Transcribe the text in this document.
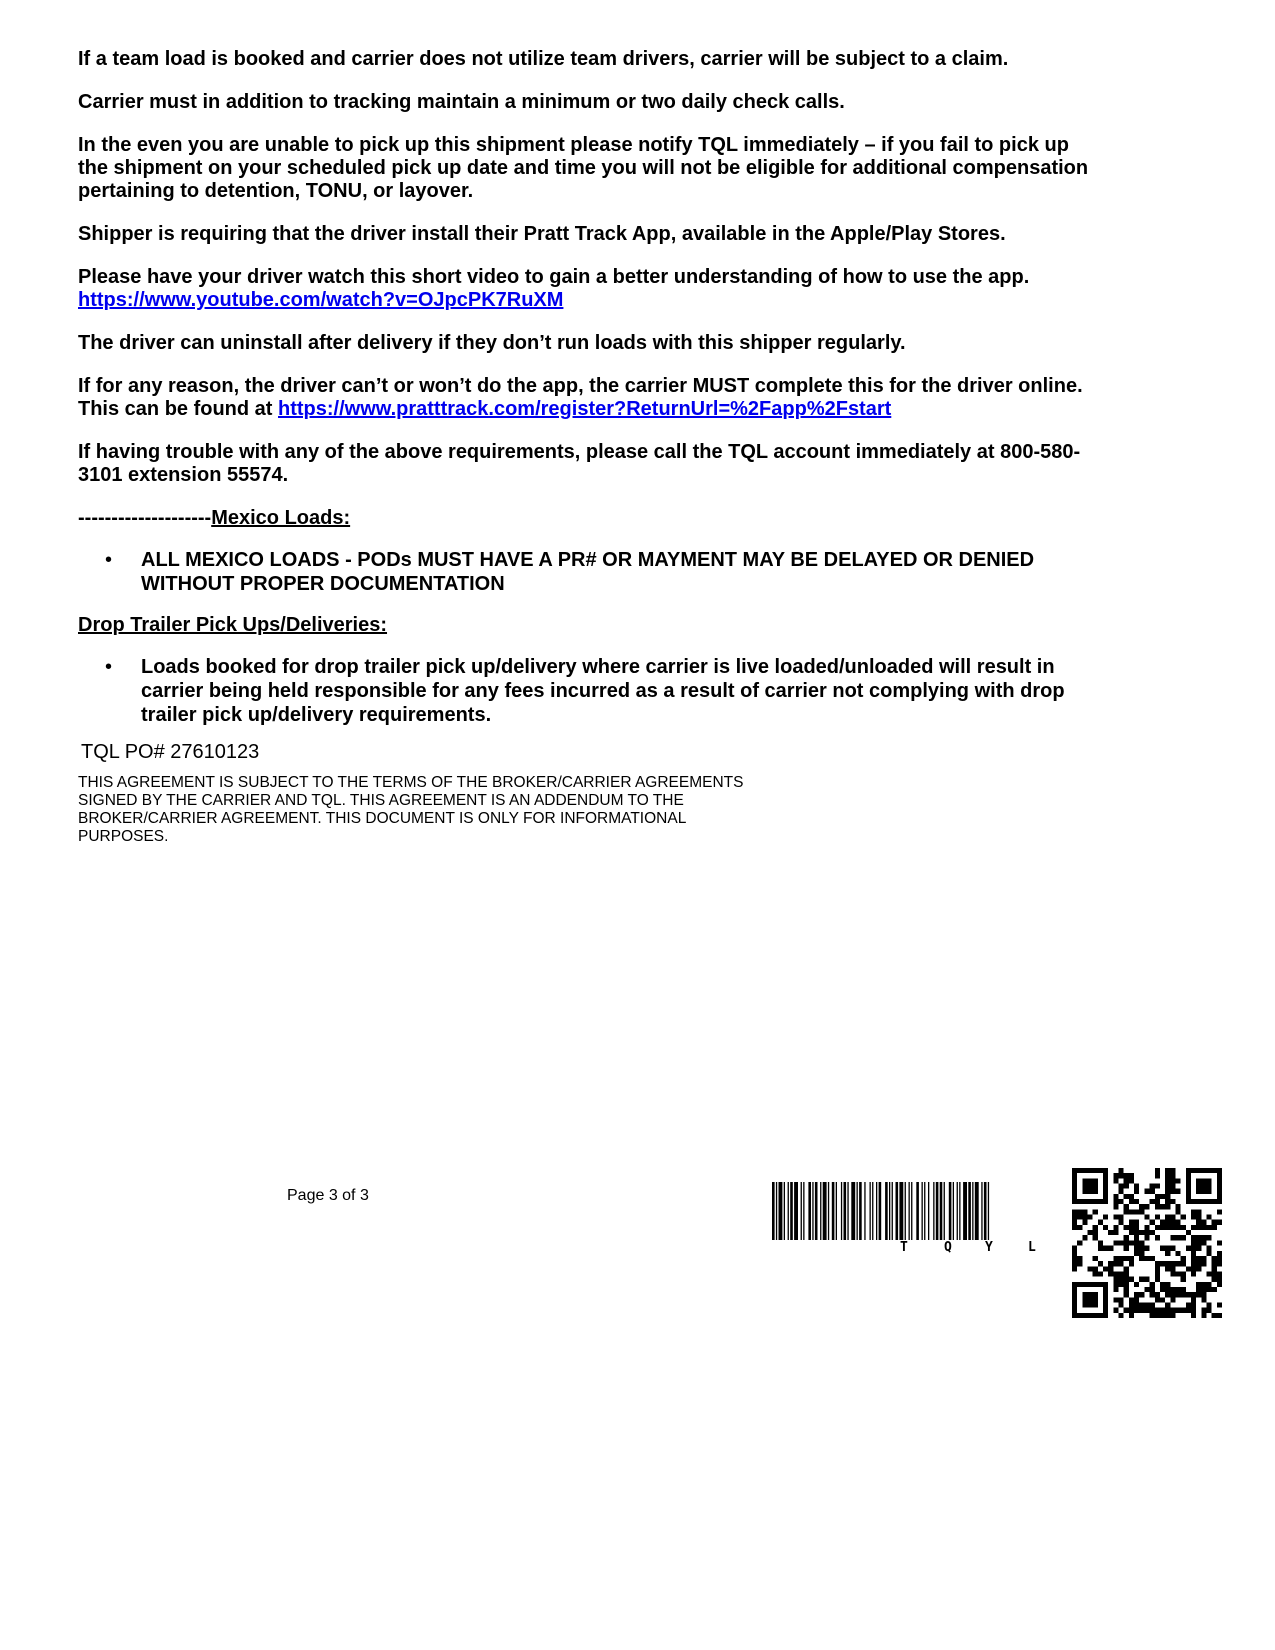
If a team load is booked and carrier does not utilize team drivers, carrier will be subject to a claim.

Carrier must in addition to tracking maintain a minimum or two daily check calls.

In the even you are unable to pick up this shipment please notify TQL immediately – if you fail to pick up the shipment on your scheduled pick up date and time you will not be eligible for additional compensation pertaining to detention, TONU, or layover.

Shipper is requiring that the driver install their Pratt Track App, available in the Apple/Play Stores.

Please have your driver watch this short video to gain a better understanding of how to use the app. https://www.youtube.com/watch?v=OJpcPK7RuXM

The driver can uninstall after delivery if they don’t run loads with this shipper regularly.

If for any reason, the driver can’t or won’t do the app, the carrier MUST complete this for the driver online. This can be found at https://www.pratttrack.com/register?ReturnUrl=%2Fapp%2Fstart

If having trouble with any of the above requirements, please call the TQL account immediately at 800-580-3101 extension 55574.

--------------------Mexico Loads:

• ALL MEXICO LOADS - PODs MUST HAVE A PR# OR MAYMENT MAY BE DELAYED OR DENIED WITHOUT PROPER DOCUMENTATION

Drop Trailer Pick Ups/Deliveries:

• Loads booked for drop trailer pick up/delivery where carrier is live loaded/unloaded will result in carrier being held responsible for any fees incurred as a result of carrier not complying with drop trailer pick up/delivery requirements.

TQL PO# 27610123

THIS AGREEMENT IS SUBJECT TO THE TERMS OF THE BROKER/CARRIER AGREEMENTS SIGNED BY THE CARRIER AND TQL. THIS AGREEMENT IS AN ADDENDUM TO THE BROKER/CARRIER AGREEMENT. THIS DOCUMENT IS ONLY FOR INFORMATIONAL PURPOSES.

Page 3 of 3
T	Q	Y	L
